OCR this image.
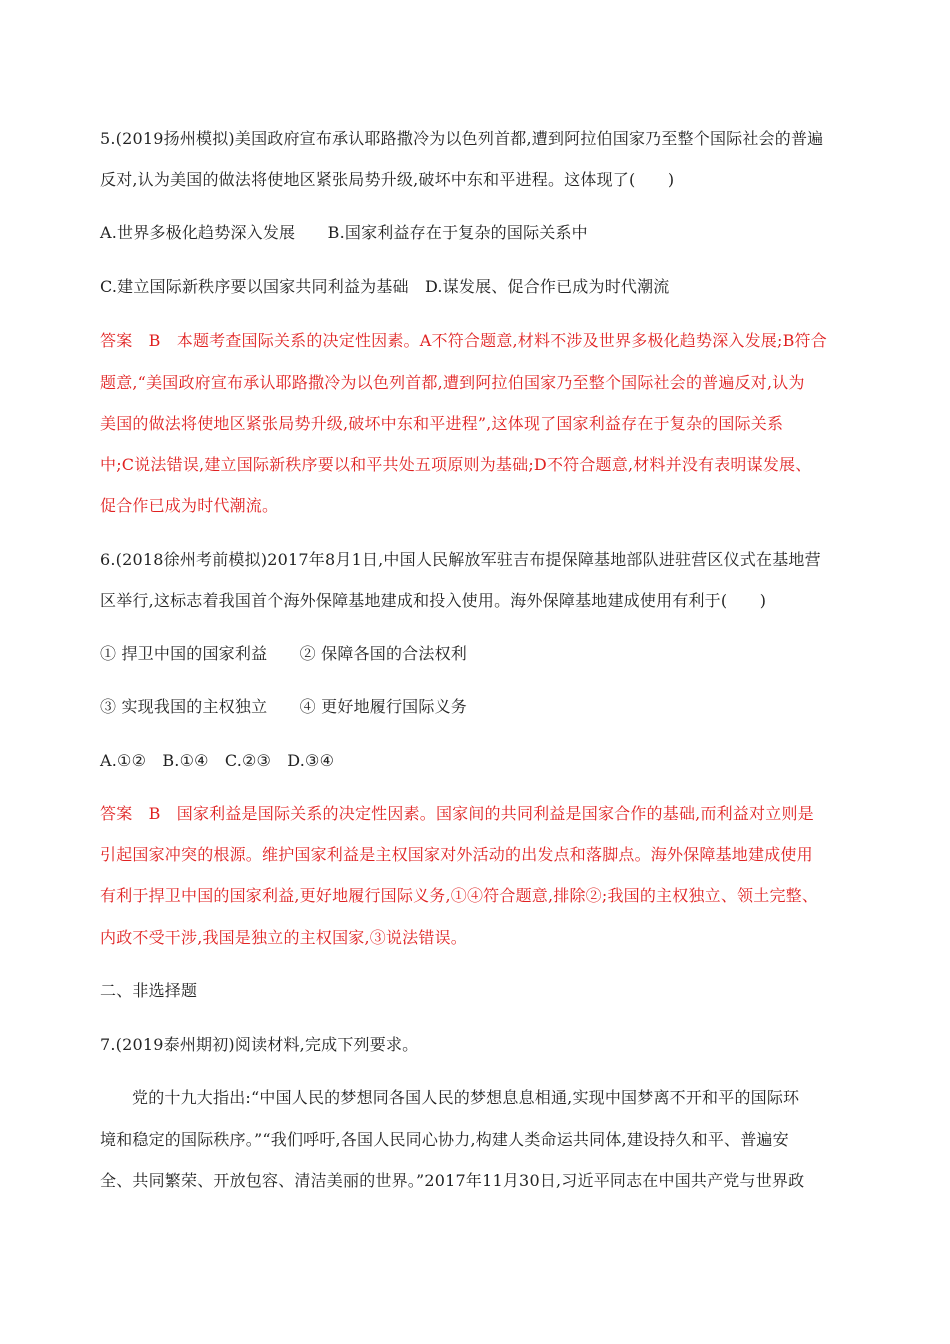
5.(2019扬州模拟)美国政府宣布承认耶路撒冷为以色列首都,遭到阿拉伯国家乃至整个国际社会的普遍
反对,认为美国的做法将使地区紧张局势升级,破坏中东和平进程。这体现了(　　)
A.世界多极化趋势深入发展　　B.国家利益存在于复杂的国际关系中
C.建立国际新秩序要以国家共同利益为基础　D.谋发展、促合作已成为时代潮流
答案　B　本题考查国际关系的决定性因素。A不符合题意,材料不涉及世界多极化趋势深入发展;B符合
题意,“美国政府宣布承认耶路撒冷为以色列首都,遭到阿拉伯国家乃至整个国际社会的普遍反对,认为
美国的做法将使地区紧张局势升级,破坏中东和平进程”,这体现了国家利益存在于复杂的国际关系
中;C说法错误,建立国际新秩序要以和平共处五项原则为基础;D不符合题意,材料并没有表明谋发展、
促合作已成为时代潮流。
6.(2018徐州考前模拟)2017年8月1日,中国人民解放军驻吉布提保障基地部队进驻营区仪式在基地营
区举行,这标志着我国首个海外保障基地建成和投入使用。海外保障基地建成使用有利于(　　)
① 捍卫中国的国家利益　　② 保障各国的合法权利
③ 实现我国的主权独立　　④ 更好地履行国际义务
A.①②　B.①④　C.②③　D.③④
答案　B　国家利益是国际关系的决定性因素。国家间的共同利益是国家合作的基础,而利益对立则是
引起国家冲突的根源。维护国家利益是主权国家对外活动的出发点和落脚点。海外保障基地建成使用
有利于捍卫中国的国家利益,更好地履行国际义务,①④符合题意,排除②;我国的主权独立、领土完整、
内政不受干涉,我国是独立的主权国家,③说法错误。
二、非选择题
7.(2019泰州期初)阅读材料,完成下列要求。
党的十九大指出:“中国人民的梦想同各国人民的梦想息息相通,实现中国梦离不开和平的国际环
境和稳定的国际秩序。”“我们呼吁,各国人民同心协力,构建人类命运共同体,建设持久和平、普遍安
全、共同繁荣、开放包容、清洁美丽的世界。”2017年11月30日,习近平同志在中国共产党与世界政
